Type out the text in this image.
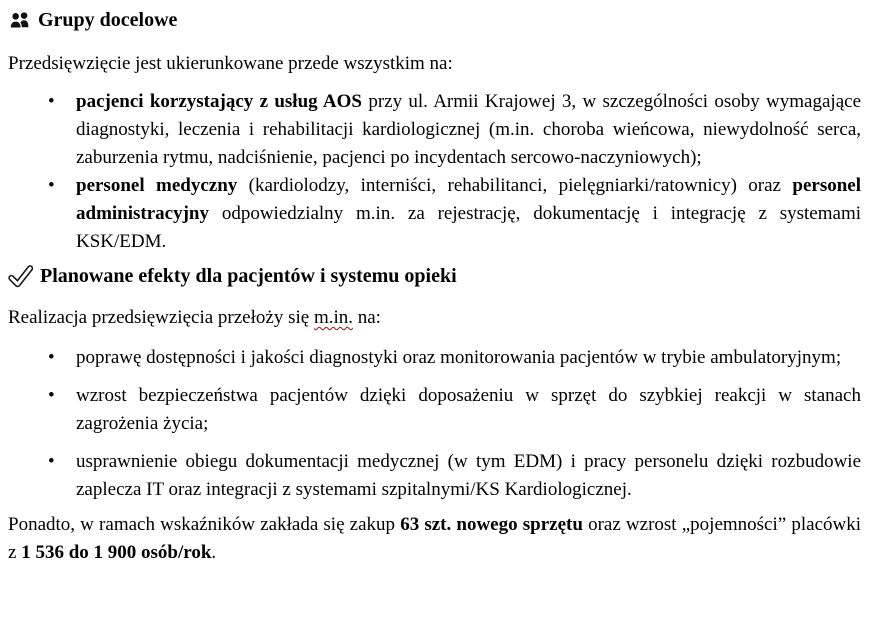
Grupy docelowe

Przedsięwzięcie jest ukierunkowane przede wszystkim na:

• pacjenci korzystający z usług AOS przy ul. Armii Krajowej 3, w szczególności osoby wymagające diagnostyki, leczenia i rehabilitacji kardiologicznej (m.in. choroba wieńcowa, niewydolność serca, zaburzenia rytmu, nadciśnienie, pacjenci po incydentach sercowo-naczyniowych);
• personel medyczny (kardiolodzy, interniści, rehabilitanci, pielęgniarki/ratownicy) oraz personel administracyjny odpowiedzialny m.in. za rejestrację, dokumentację i integrację z systemami KSK/EDM.
Planowane efekty dla pacjentów i systemu opieki

Realizacja przedsięwzięcia przełoży się m.in. na:

• poprawę dostępności i jakości diagnostyki oraz monitorowania pacjentów w trybie ambulatoryjnym;
• wzrost bezpieczeństwa pacjentów dzięki doposażeniu w sprzęt do szybkiej reakcji w stanach zagrożenia życia;
• usprawnienie obiegu dokumentacji medycznej (w tym EDM) i pracy personelu dzięki rozbudowie zaplecza IT oraz integracji z systemami szpitalnymi/KS Kardiologicznej.

Ponadto, w ramach wskaźników zakłada się zakup 63 szt. nowego sprzętu oraz wzrost „pojemności” placówki z 1 536 do 1 900 osób/rok.
